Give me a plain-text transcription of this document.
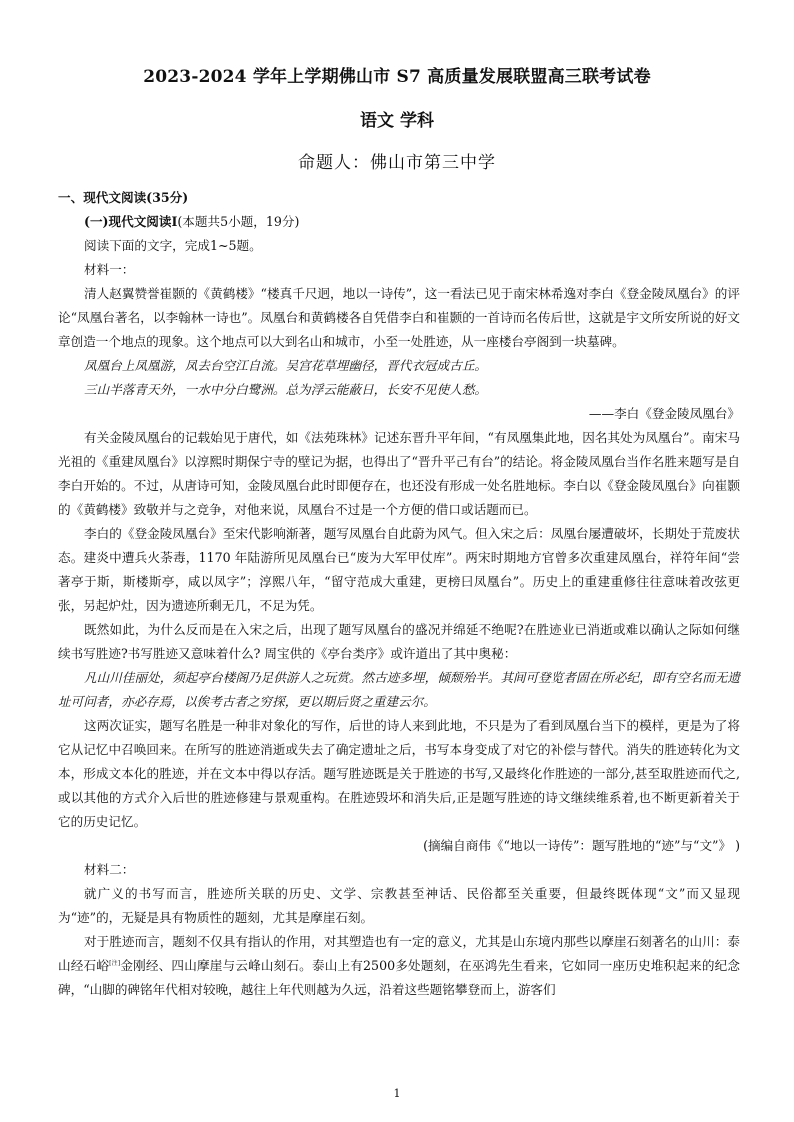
2023-2024 学年上学期佛山市 S7 高质量发展联盟高三联考试卷
语文 学科
命题人：佛山市第三中学

一、现代文阅读(35分)

(一)现代文阅读Ⅰ(本题共5小题，19分)

阅读下面的文字，完成1~5题。

材料一：

清人赵翼赞誉崔颢的《黄鹤楼》“楼真千尺迥，地以一诗传”，这一看法已见于南宋林希逸对李白《登金陵凤凰台》的评论“凤凰台著名，以李翰林一诗也”。凤凰台和黄鹤楼各自凭借李白和崔颢的一首诗而名传后世，这就是宇文所安所说的好文章创造一个地点的现象。这个地点可以大到名山和城市，小至一处胜迹，从一座楼台亭阁到一块墓碑。

凤凰台上凤凰游，凤去台空江自流。吴宫花草埋幽径，晋代衣冠成古丘。

三山半落青天外，一水中分白鹭洲。总为浮云能蔽日，长安不见使人愁。

——李白《登金陵凤凰台》

有关金陵凤凰台的记载始见于唐代，如《法苑珠林》记述东晋升平年间，“有凤凰集此地，因名其处为凤凰台”。南宋马光祖的《重建凤凰台》以淳熙时期保宁寺的壁记为据，也得出了“晋升平己有台”的结论。将金陵凤凰台当作名胜来题写是自李白开始的。不过，从唐诗可知，金陵凤凰台此时即便存在，也还没有形成一处名胜地标。李白以《登金陵凤凰台》向崔颢的《黄鹤楼》致敬并与之竞争，对他来说，凤凰台不过是一个方便的借口或话题而已。

李白的《登金陵凤凰台》至宋代影响渐著，题写凤凰台自此蔚为风气。但入宋之后：凤凰台屡遭破坏，长期处于荒废状态。建炎中遭兵火荼毒，1170 年陆游所见凤凰台已“废为大军甲仗库”。两宋时期地方官曾多次重建凤凰台，祥符年间“尝著亭于斯，斯楼斯亭，咸以凤字”；淳熙八年，“留守范成大重建，更榜曰凤凰台”。历史上的重建重修往往意味着改弦更张，另起炉灶，因为遗迹所剩无几，不足为凭。

既然如此，为什么反而是在入宋之后，出现了题写凤凰台的盛况并绵延不绝呢?在胜迹业已消逝或难以确认之际如何继续书写胜迹?书写胜迹又意味着什么? 周宝供的《亭台类序》或许道出了其中奥秘：

凡山川佳丽处，须起亭台楼阁乃足供游人之玩赏。然古迹多埋，倾颓殆半。其间可登览者固在所必纪，即有空名而无遗址可问者，亦必存焉，以俟考古者之穷探，更以期后贤之重建云尔。

这两次证实，题写名胜是一种非对象化的写作，后世的诗人来到此地，不只是为了看到凤凰台当下的模样，更是为了将它从记忆中召唤回来。在所写的胜迹消逝或失去了确定遗址之后，书写本身变成了对它的补偿与替代。消失的胜迹转化为文本，形成文本化的胜迹，并在文本中得以存活。题写胜迹既是关于胜迹的书写,又最终化作胜迹的一部分,甚至取胜迹而代之,或以其他的方式介入后世的胜迹修建与景观重构。在胜迹毁坏和消失后,正是题写胜迹的诗文继续维系着,也不断更新着关于它的历史记忆。

(摘编自商伟《“地以一诗传”：题写胜地的“迹”与“文”》 )

材料二：

就广义的书写而言，胜迹所关联的历史、文学、宗教甚至神话、民俗都至关重要，但最终既体现“文”而又显现为“迹”的，无疑是具有物质性的题刻，尤其是摩崖石刻。

对于胜迹而言，题刻不仅具有指认的作用，对其塑造也有一定的意义，尤其是山东境内那些以摩崖石刻著名的山川：泰山经石峪[注]金刚经、四山摩崖与云峰山刻石。泰山上有2500多处题刻，在巫鸿先生看来，它如同一座历史堆积起来的纪念碑，“山脚的碑铭年代相对较晚，越往上年代则越为久远，沿着这些题铭攀登而上，游客们

1
